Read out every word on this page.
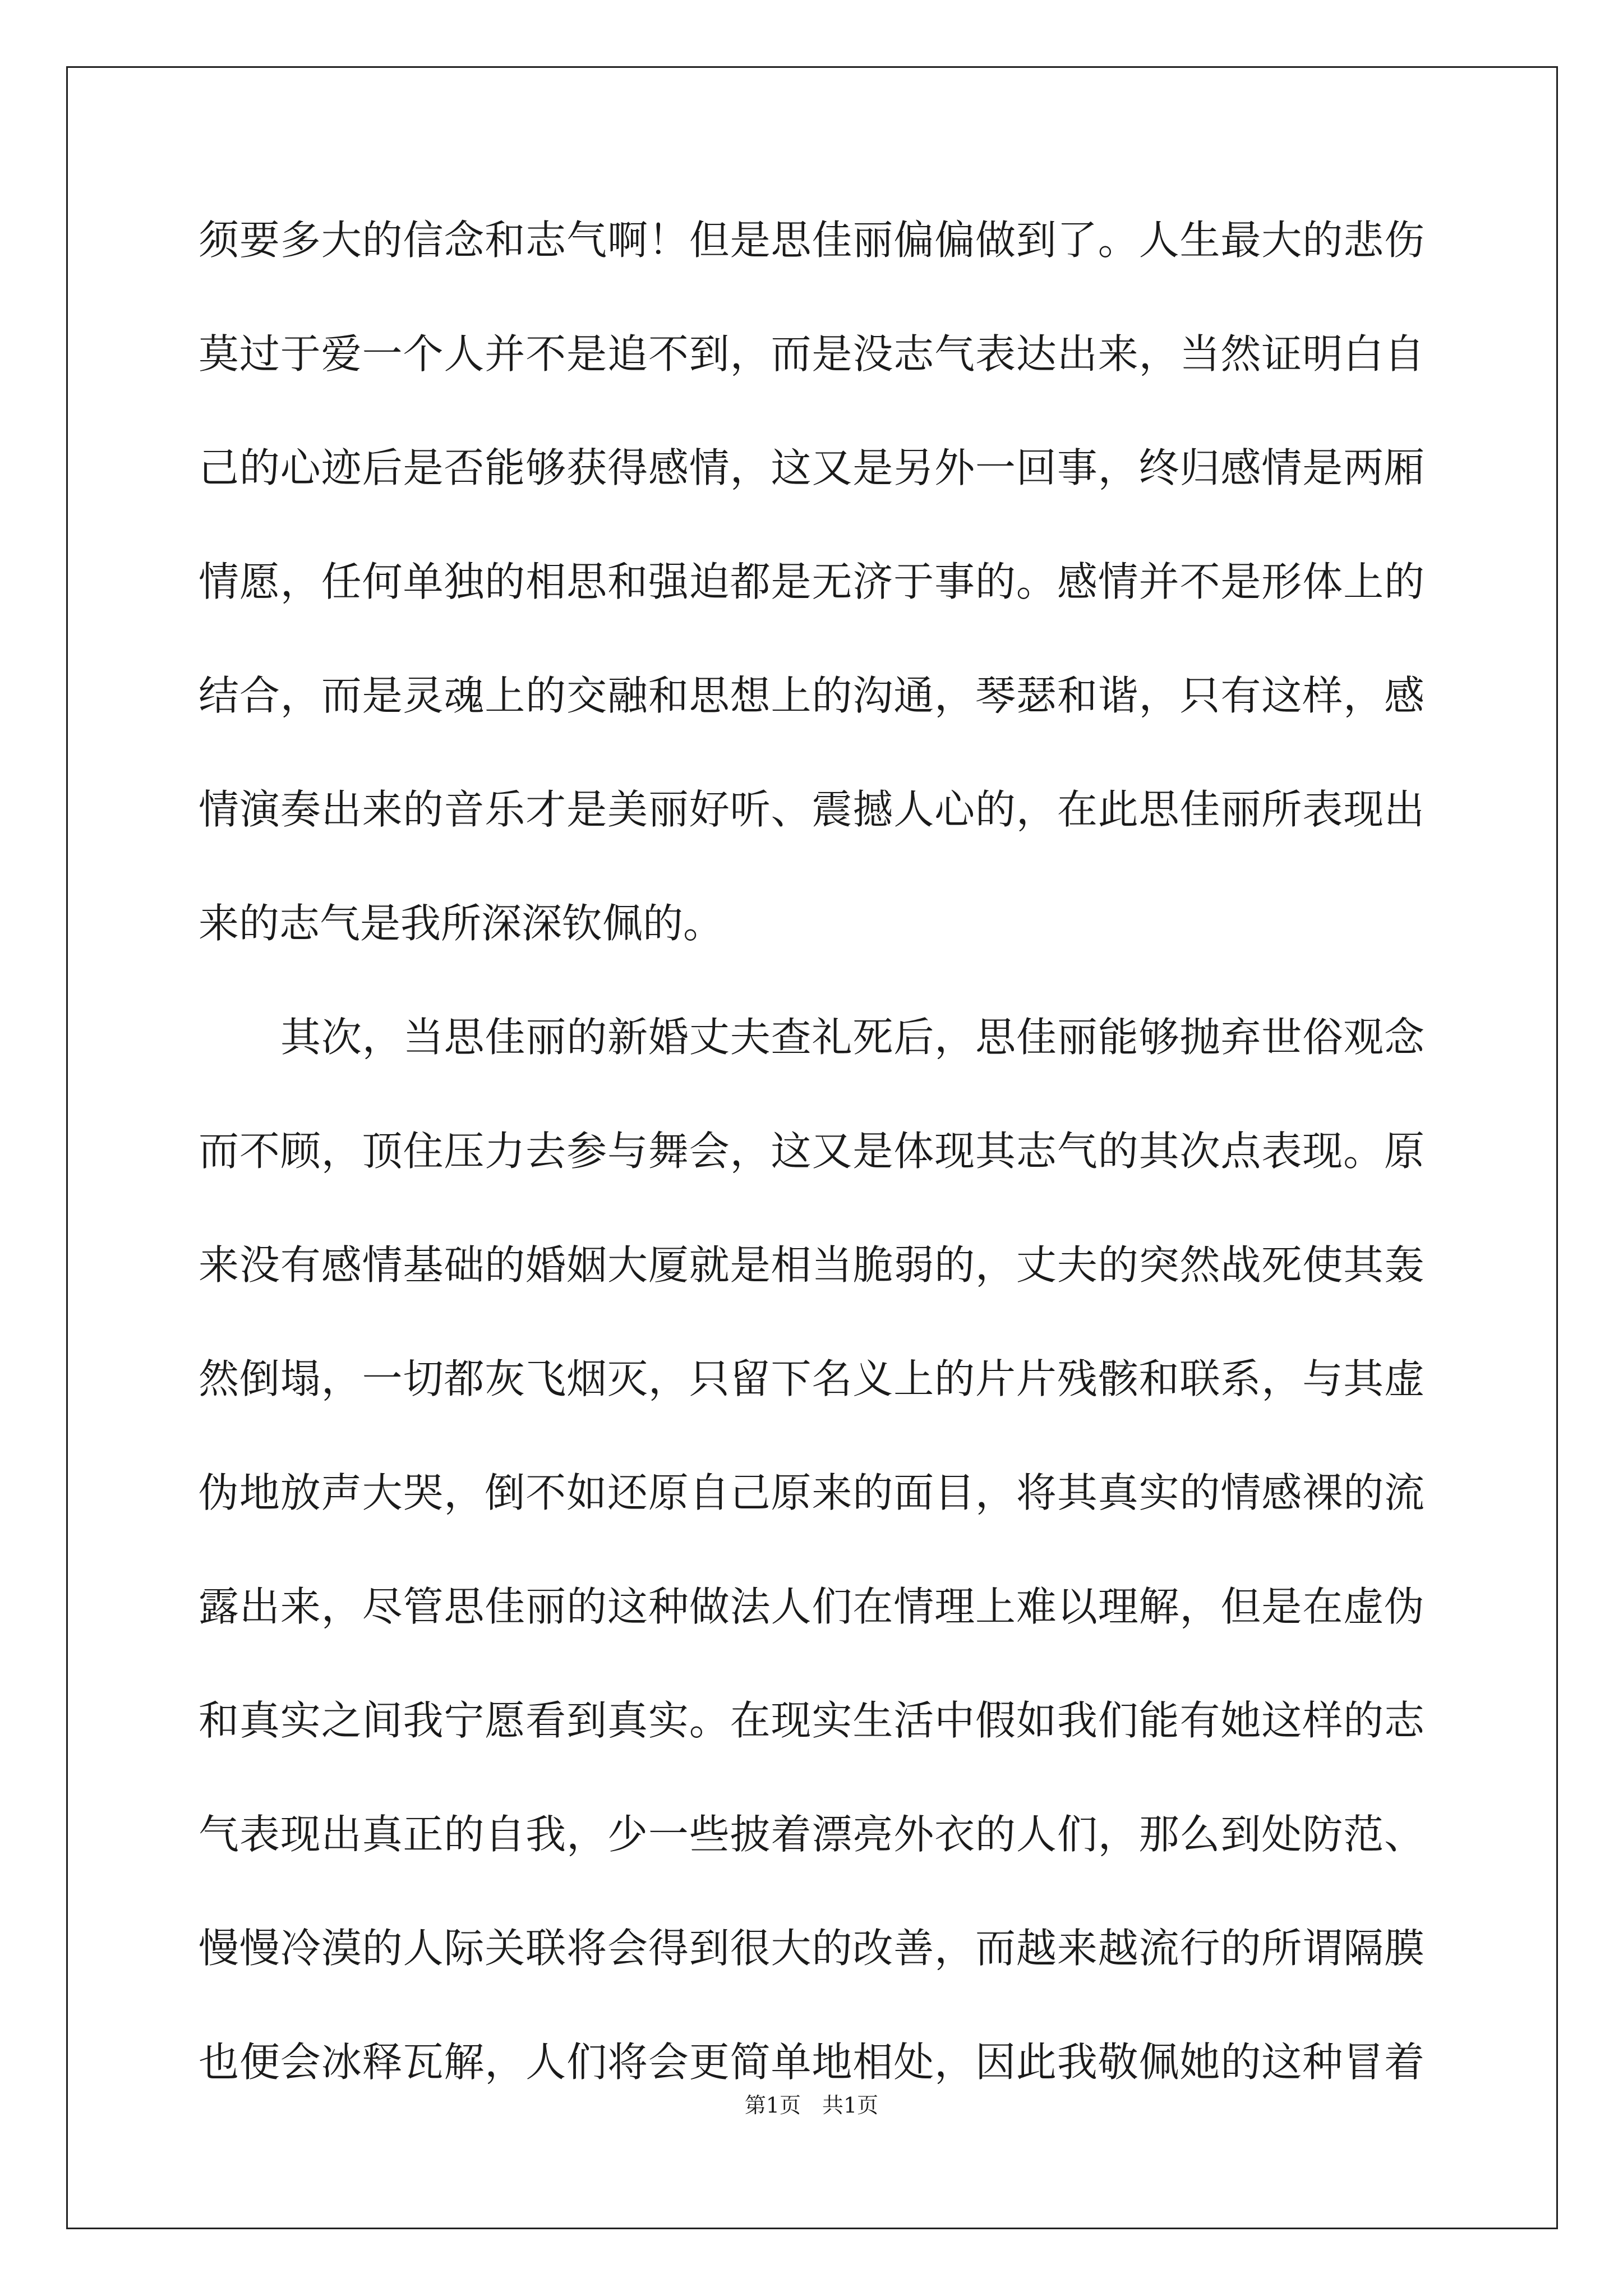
须要多大的信念和志气啊！但是思佳丽偏偏做到了。人生最大的悲伤
莫过于爱一个人并不是追不到，而是没志气表达出来，当然证明白自
己的心迹后是否能够获得感情，这又是另外一回事，终归感情是两厢
情愿，任何单独的相思和强迫都是无济于事的。感情并不是形体上的
结合，而是灵魂上的交融和思想上的沟通，琴瑟和谐，只有这样，感
情演奏出来的音乐才是美丽好听、震撼人心的，在此思佳丽所表现出
来的志气是我所深深钦佩的。
其次，当思佳丽的新婚丈夫查礼死后，思佳丽能够抛弃世俗观念
而不顾，顶住压力去参与舞会，这又是体现其志气的其次点表现。原
来没有感情基础的婚姻大厦就是相当脆弱的，丈夫的突然战死使其轰
然倒塌，一切都灰飞烟灭，只留下名义上的片片残骸和联系，与其虚
伪地放声大哭，倒不如还原自己原来的面目，将其真实的情感裸的流
露出来，尽管思佳丽的这种做法人们在情理上难以理解，但是在虚伪
和真实之间我宁愿看到真实。在现实生活中假如我们能有她这样的志
气表现出真正的自我，少一些披着漂亮外衣的人们，那么到处防范、
慢慢冷漠的人际关联将会得到很大的改善，而越来越流行的所谓隔膜
也便会冰释瓦解，人们将会更简单地相处，因此我敬佩她的这种冒着
第1页　共1页
